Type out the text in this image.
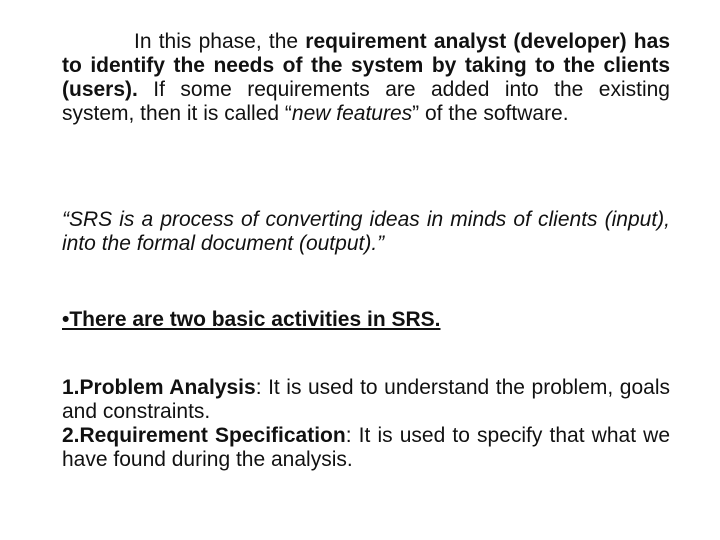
In this phase, the requirement analyst (developer) has to identify the needs of the system by taking to the clients (users). If some requirements are added into the existing system, then it is called “new features” of the software.

“SRS is a process of converting ideas in minds of clients (input), into the formal document (output).”

•There are two basic activities in SRS.

1.Problem Analysis: It is used to understand the problem, goals and constraints.
2.Requirement Specification: It is used to specify that what we have found during the analysis.
